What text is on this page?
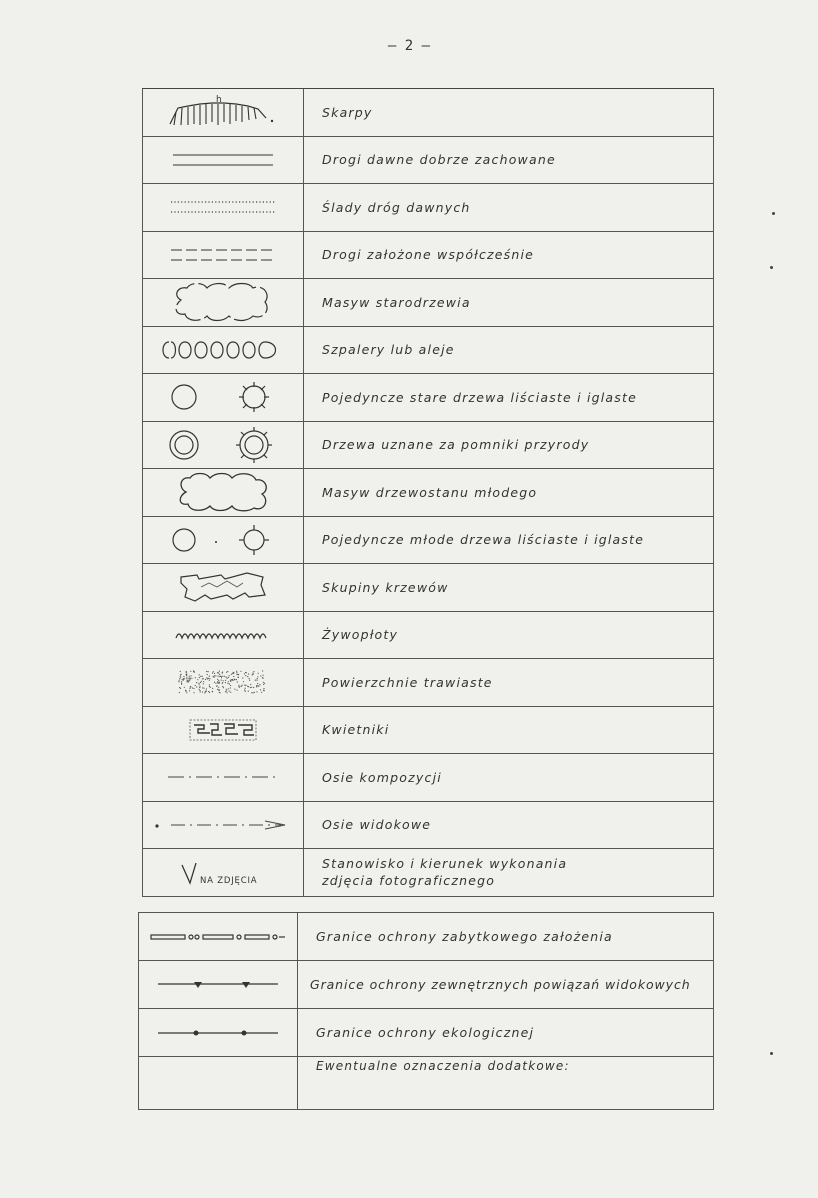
— 2 —
h
Skarpy
Drogi dawne dobrze zachowane
Ślady dróg dawnych
Drogi założone współcześnie
Masyw starodrzewia
Szpalery lub aleje
Pojedyncze stare drzewa liściaste i iglaste
Drzewa uznane za pomniki przyrody
Masyw drzewostanu młodego
Pojedyncze młode drzewa liściaste i iglaste
Skupiny krzewów
Żywopłoty
Powierzchnie trawiaste
Kwietniki
Osie kompozycji
Osie widokowe
NA ZDJĘCIA
Stanowisko i kierunek wykonania
zdjęcia fotograficznego
Granice ochrony zabytkowego założenia
Granice ochrony zewnętrznych powiązań widokowych
Granice ochrony ekologicznej
Ewentualne oznaczenia dodatkowe:
